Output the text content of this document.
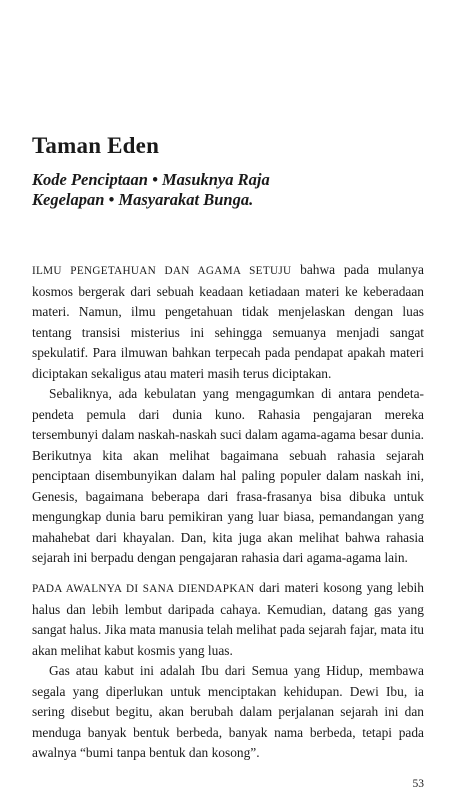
Taman Eden
Kode Penciptaan • Masuknya Raja
Kegelapan • Masyarakat Bunga.

ILMU PENGETAHUAN DAN AGAMA SETUJU bahwa pada mulanya kosmos bergerak dari sebuah keadaan ketiadaan materi ke keberadaan materi. Namun, ilmu pengetahuan tidak menjelaskan dengan luas tentang transisi misterius ini sehingga semuanya menjadi sangat spekulatif. Para ilmuwan bahkan terpecah pada pendapat apakah materi diciptakan sekaligus atau materi masih terus diciptakan.

Sebaliknya, ada kebulatan yang mengagumkan di antara pendeta-pendeta pemula dari dunia kuno. Rahasia pengajaran mereka tersembunyi dalam naskah-naskah suci dalam agama-agama besar dunia. Berikutnya kita akan melihat bagaimana sebuah rahasia sejarah penciptaan disembunyikan dalam hal paling populer dalam naskah ini, Genesis, bagaimana beberapa dari frasa-frasanya bisa dibuka untuk mengungkap dunia baru pemikiran yang luar biasa, pemandangan yang mahahebat dari khayalan. Dan, kita juga akan melihat bahwa rahasia sejarah ini berpadu dengan pengajaran rahasia dari agama-agama lain.

PADA AWALNYA DI SANA DIENDAPKAN dari materi kosong yang lebih halus dan lebih lembut daripada cahaya. Kemudian, datang gas yang sangat halus. Jika mata manusia telah melihat pada sejarah fajar, mata itu akan melihat kabut kosmis yang luas.

Gas atau kabut ini adalah Ibu dari Semua yang Hidup, membawa segala yang diperlukan untuk menciptakan kehidupan. Dewi Ibu, ia sering disebut begitu, akan berubah dalam perjalanan sejarah ini dan menduga banyak bentuk berbeda, banyak nama berbeda, tetapi pada awalnya “bumi tanpa bentuk dan kosong”.

53
